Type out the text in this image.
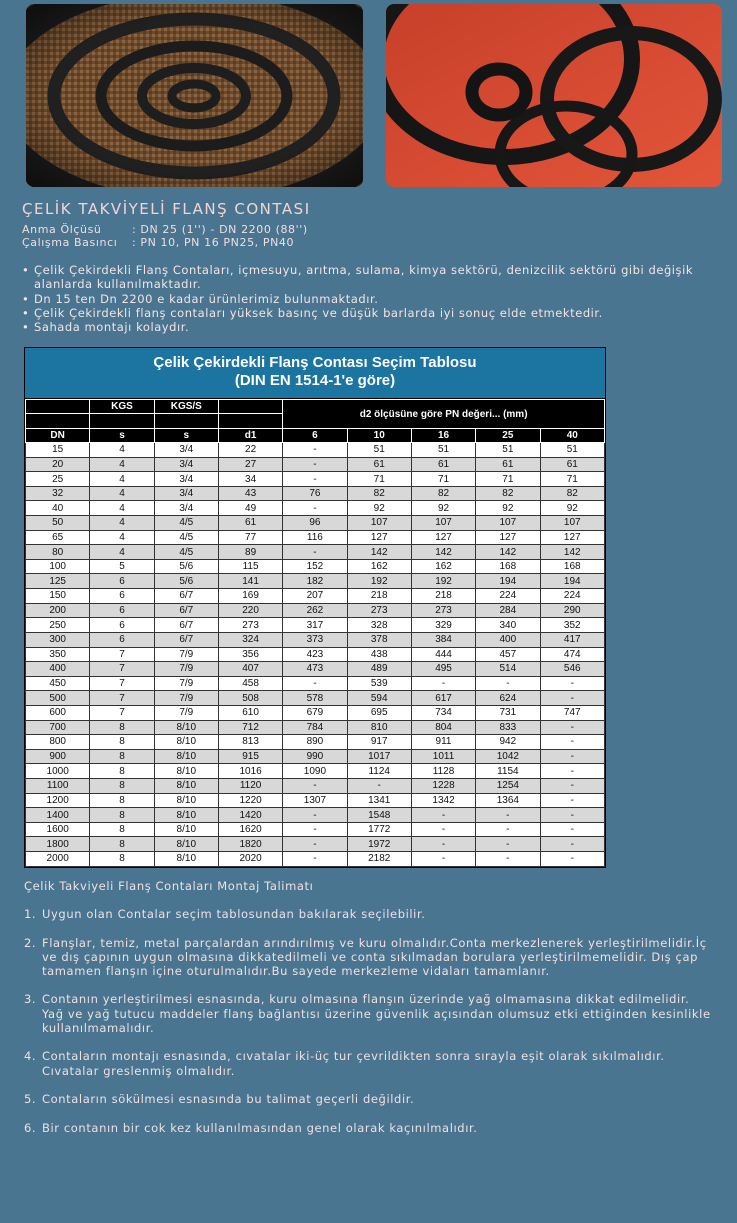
ÇELİK TAKVİYELİ FLANŞ CONTASI
Anma Ölçüsü	: DN 25 (1'') - DN 2200 (88'')
Çalışma Basıncı : PN 10, PN 16 PN25, PN40
• Çelik Çekirdekli Flanş Contaları, içmesuyu, arıtma, sulama, kimya sektörü, denizcilik sektörü gibi değişik alanlarda kullanılmaktadır.
• Dn 15 ten Dn 2200 e kadar ürünlerimiz bulunmaktadır.
• Çelik Çekirdekli flanş contaları yüksek basınç ve düşük barlarda iyi sonuç elde etmektedir.
• Sahada montajı kolaydır.
Çelik Çekirdekli Flanş Contası Seçim Tablosu
(DIN EN 1514-1'e göre)
	KGS	KGS/S		d2 ölçüsüne göre PN değeri... (mm)				

DN	s	s	d1	6	10	16	25	40
15	4	3/4	22	-	51	51	51	51
20	4	3/4	27	-	61	61	61	61
25	4	3/4	34	-	71	71	71	71
32	4	3/4	43	76	82	82	82	82
40	4	3/4	49	-	92	92	92	92
50	4	4/5	61	96	107	107	107	107
65	4	4/5	77	116	127	127	127	127
80	4	4/5	89	-	142	142	142	142
100	5	5/6	115	152	162	162	168	168
125	6	5/6	141	182	192	192	194	194
150	6	6/7	169	207	218	218	224	224
200	6	6/7	220	262	273	273	284	290
250	6	6/7	273	317	328	329	340	352
300	6	6/7	324	373	378	384	400	417
350	7	7/9	356	423	438	444	457	474
400	7	7/9	407	473	489	495	514	546
450	7	7/9	458	-	539	-	-	-
500	7	7/9	508	578	594	617	624	-
600	7	7/9	610	679	695	734	731	747
700	8	8/10	712	784	810	804	833	-
800	8	8/10	813	890	917	911	942	-
900	8	8/10	915	990	1017	1011	1042	-
1000	8	8/10	1016	1090	1124	1128	1154	-
1100	8	8/10	1120	-	-	1228	1254	-
1200	8	8/10	1220	1307	1341	1342	1364	-
1400	8	8/10	1420	-	1548	-	-	-
1600	8	8/10	1620	-	1772	-	-	-
1800	8	8/10	1820	-	1972	-	-	-
2000	8	8/10	2020	-	2182	-	-	-
Çelik Takviyeli Flanş Contaları Montaj Talimatı
1. Uygun olan Contalar seçim tablosundan bakılarak seçilebilir.
2. Flanşlar, temiz, metal parçalardan arındırılmış ve kuru olmalıdır.Conta merkezlenerek yerleştirilmelidir.İç ve dış çapının uygun olmasına dikkatedilmeli ve conta sıkılmadan borulara yerleştirilmemelidir. Dış çap tamamen flanşın içine oturulmalıdır.Bu sayede merkezleme vidaları tamamlanır.
3. Contanın yerleştirilmesi esnasında, kuru olmasına flanşın üzerinde yağ olmamasına dikkat edilmelidir. Yağ ve yağ tutucu maddeler flanş bağlantısı üzerine güvenlik açısından olumsuz etki ettiğinden kesinlikle kullanılmamalıdır.
4. Contaların montajı esnasında, cıvatalar iki-üç tur çevrildikten sonra sırayla eşit olarak sıkılmalıdır. Cıvatalar greslenmiş olmalıdır.
5. Contaların sökülmesi esnasında bu talimat geçerli değildir.
6. Bir contanın bir cok kez kullanılmasından genel olarak kaçınılmalıdır.
